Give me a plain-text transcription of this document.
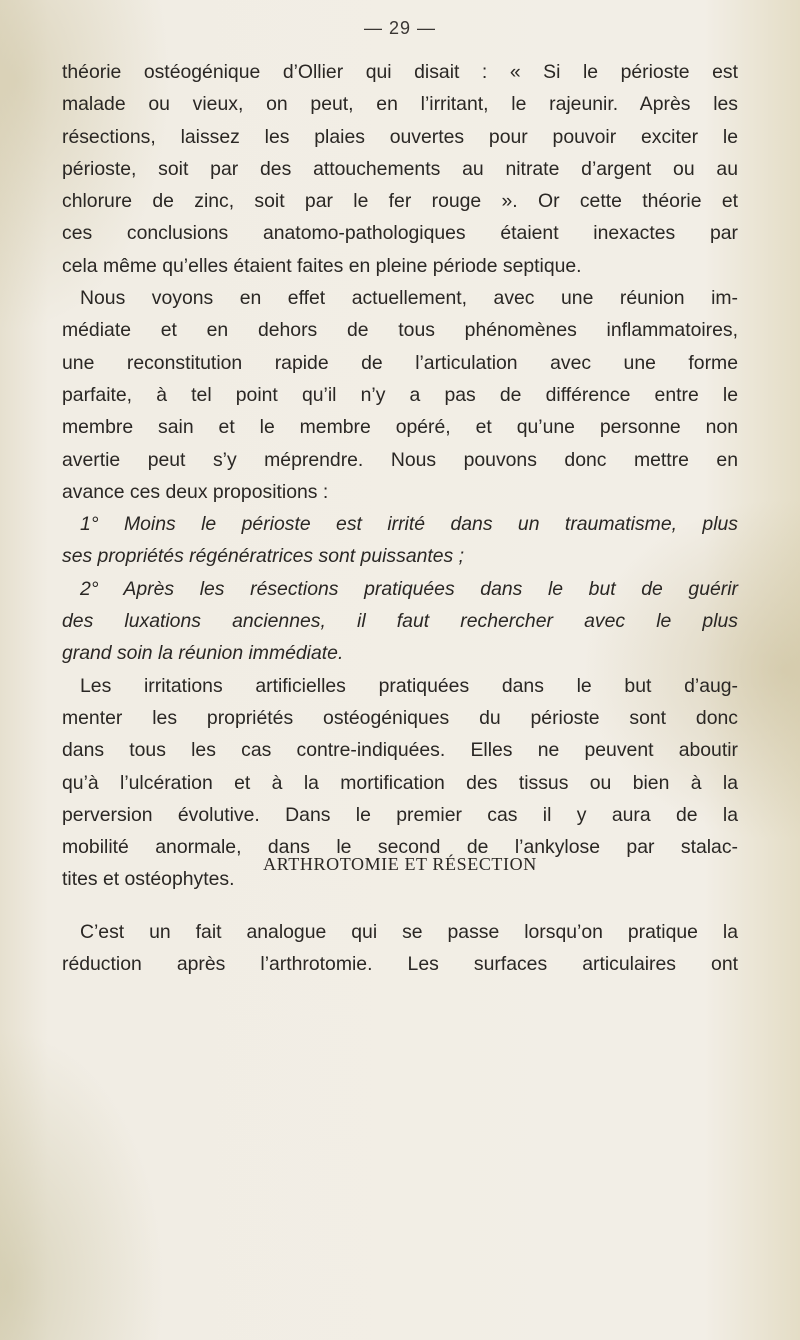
— 29 —
théorie ostéogénique d’Ollier qui disait : « Si le périoste est
malade ou vieux, on peut, en l’irritant, le rajeunir. Après les
résections, laissez les plaies ouvertes pour pouvoir exciter le
périoste, soit par des attouchements au nitrate d’argent ou au
chlorure de zinc, soit par le fer rouge ». Or cette théorie et
ces conclusions anatomo-pathologiques étaient inexactes par
cela même qu’elles étaient faites en pleine période septique.
Nous voyons en effet actuellement, avec une réunion im-
médiate et en dehors de tous phénomènes inflammatoires,
une reconstitution rapide de l’articulation avec une forme
parfaite, à tel point qu’il n’y a pas de différence entre le
membre sain et le membre opéré, et qu’une personne non
avertie peut s’y méprendre. Nous pouvons donc mettre en
avance ces deux propositions :
1° Moins le périoste est irrité dans un traumatisme, plus
ses propriétés régénératrices sont puissantes ;
2° Après les résections pratiquées dans le but de guérir
des luxations anciennes, il faut rechercher avec le plus
grand soin la réunion immédiate.
Les irritations artificielles pratiquées dans le but d’aug-
menter les propriétés ostéogéniques du périoste sont donc
dans tous les cas contre-indiquées. Elles ne peuvent aboutir
qu’à l’ulcération et à la mortification des tissus ou bien à la
perversion évolutive. Dans le premier cas il y aura de la
mobilité anormale, dans le second de l’ankylose par stalac-
tites et ostéophytes.
ARTHROTOMIE ET RÉSECTION
C’est un fait analogue qui se passe lorsqu’on pratique la
réduction après l’arthrotomie. Les surfaces articulaires ont
